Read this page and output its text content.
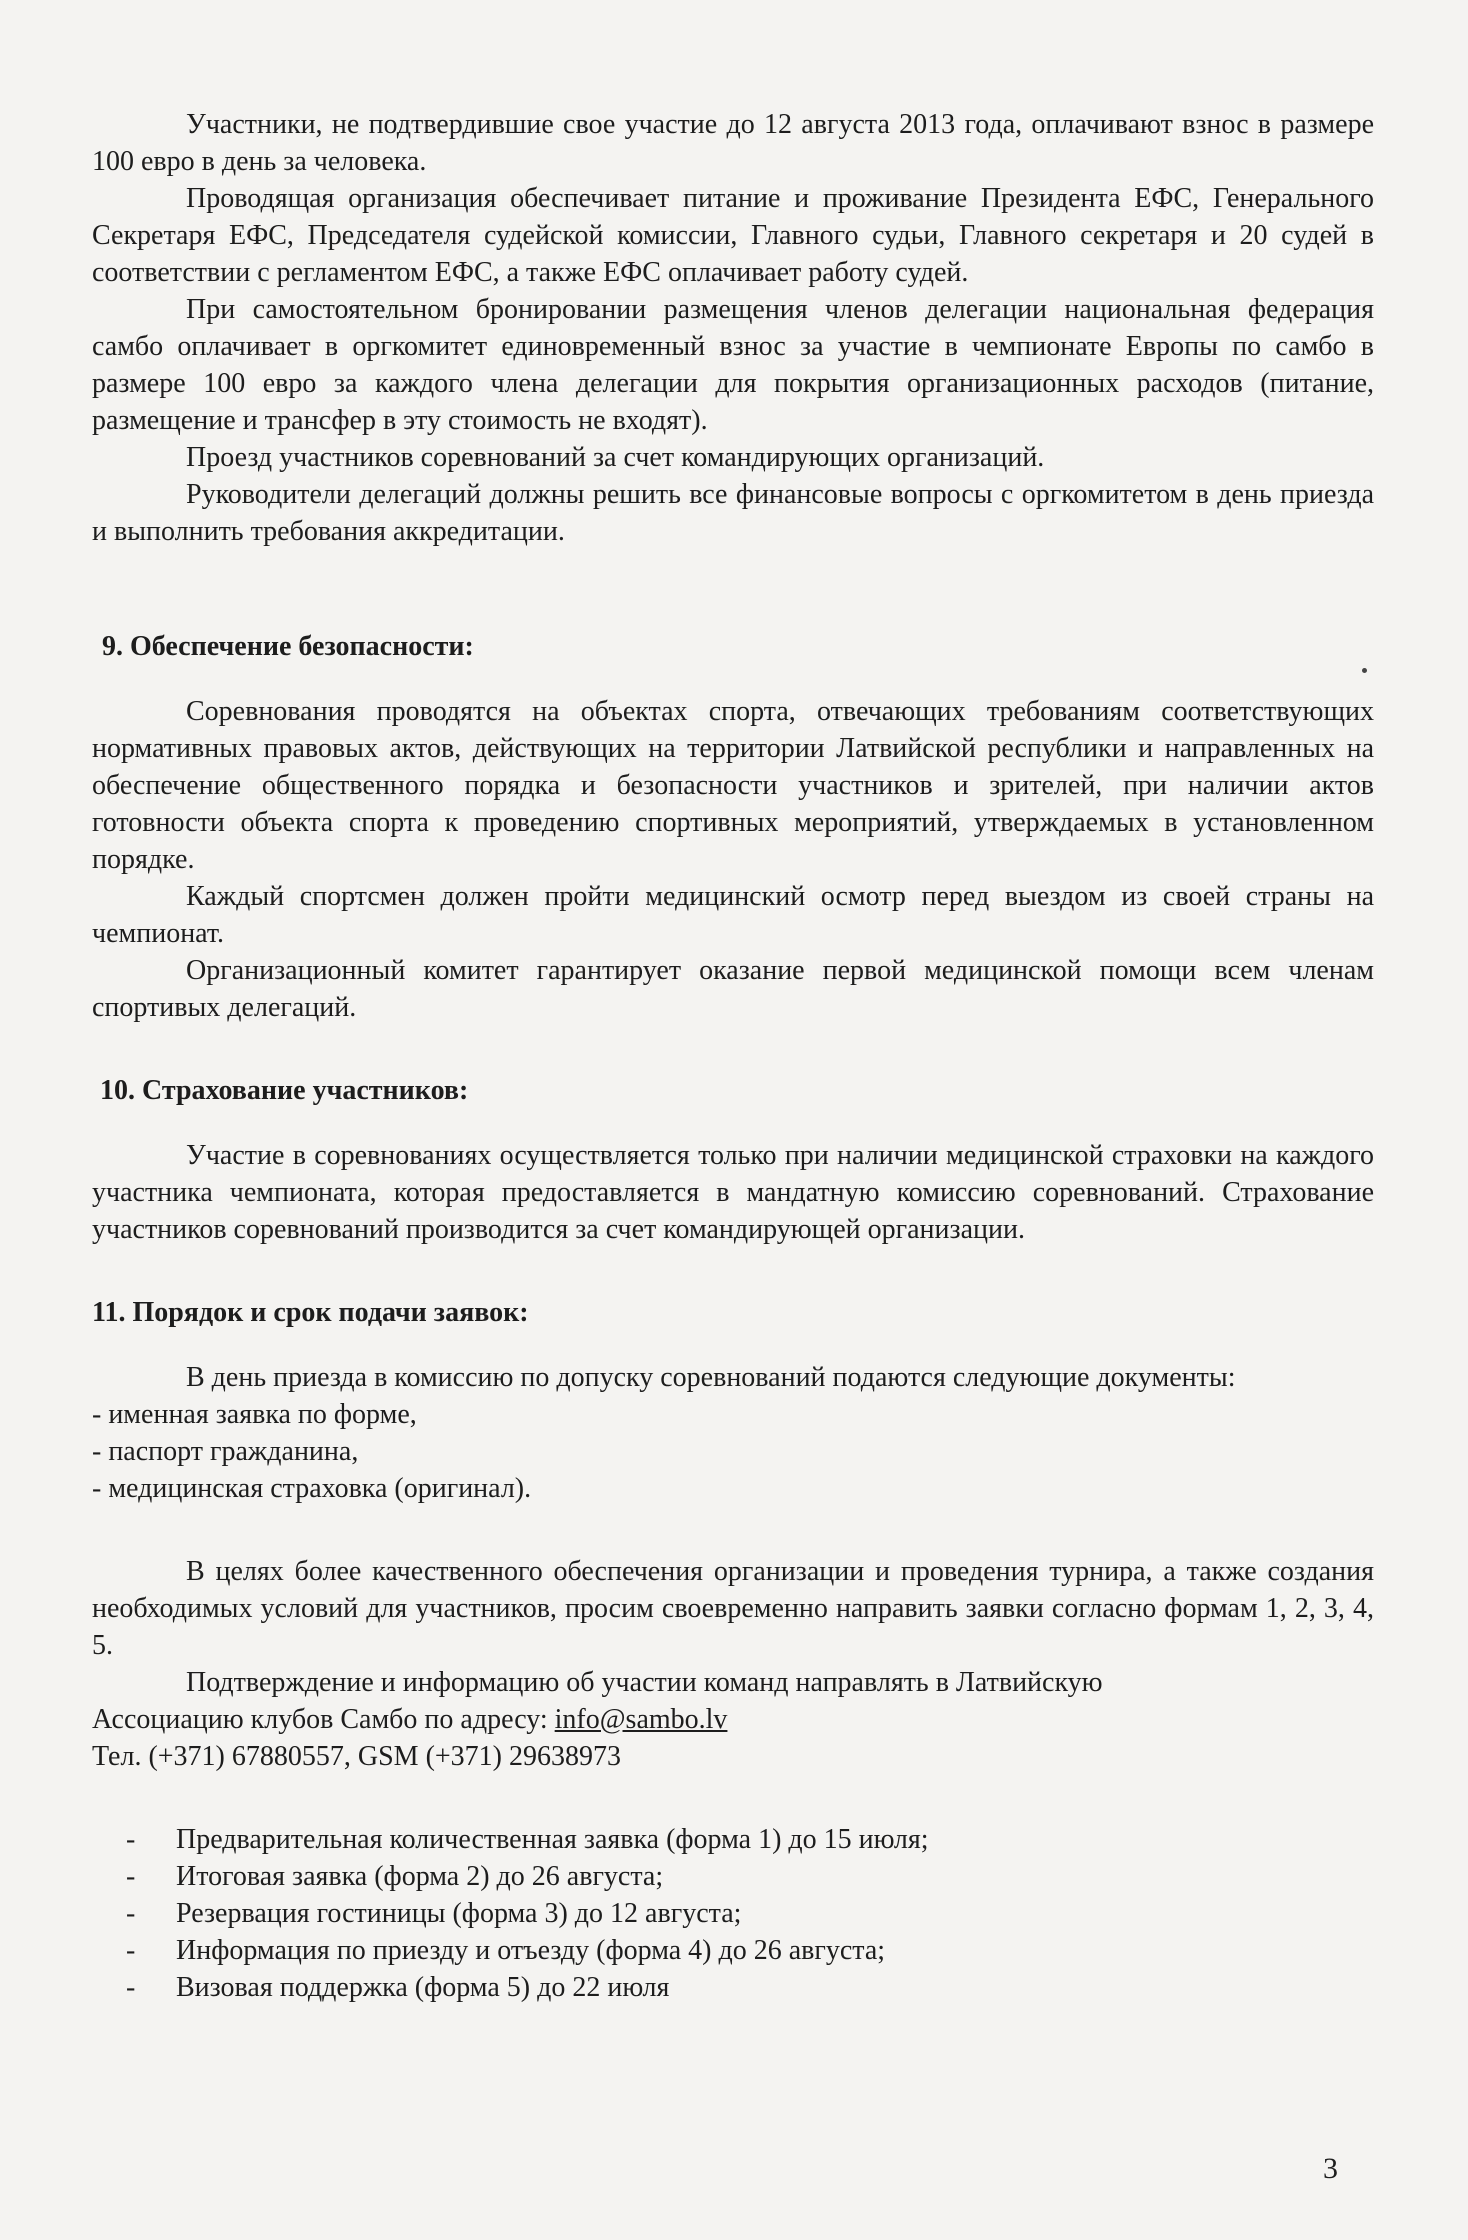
Участники, не подтвердившие свое участие до 12 августа 2013 года, оплачивают взнос в размере 100 евро в день за человека.

Проводящая организация обеспечивает питание и проживание Президента ЕФС, Генерального Секретаря ЕФС, Председателя судейской комиссии, Главного судьи, Главного секретаря и 20 судей в соответствии с регламентом ЕФС, а также ЕФС оплачивает работу судей.

При самостоятельном бронировании размещения членов делегации национальная федерация самбо оплачивает в оргкомитет единовременный взнос за участие в чемпионате Европы по самбо в размере 100 евро за каждого члена делегации для покрытия организационных расходов (питание, размещение и трансфер в эту стоимость не входят).

Проезд участников соревнований за счет командирующих организаций.

Руководители делегаций должны решить все финансовые вопросы с оргкомитетом в день приезда и выполнить требования аккредитации.

9. Обеспечение безопасности:

Соревнования проводятся на объектах спорта, отвечающих требованиям соответствующих нормативных правовых актов, действующих на территории Латвийской республики и направленных на обеспечение общественного порядка и безопасности участников и зрителей, при наличии актов готовности объекта спорта к проведению спортивных мероприятий, утверждаемых в установленном порядке.

Каждый спортсмен должен пройти медицинский осмотр перед выездом из своей страны на чемпионат.

Организационный комитет гарантирует оказание первой медицинской помощи всем членам спортивых делегаций.

10. Страхование участников:

Участие в соревнованиях осуществляется только при наличии медицинской страховки на каждого участника чемпионата, которая предоставляется в мандатную комиссию соревнований. Страхование участников соревнований производится за счет командирующей организации.

11. Порядок и срок подачи заявок:

В день приезда в комиссию по допуску соревнований подаются следующие документы:

- именная заявка по форме,
- паспорт гражданина,
- медицинская страховка (оригинал).

В целях более качественного обеспечения организации и проведения турнира, а также создания необходимых условий для участников, просим своевременно направить заявки согласно формам 1, 2, 3, 4, 5.

Подтверждение и информацию об участии команд направлять в Латвийскую

Ассоциацию клубов Самбо по адресу: info@sambo.lv

Тел. (+371) 67880557, GSM (+371) 29638973

- Предварительная количественная заявка (форма 1) до 15 июля;
- Итоговая заявка (форма 2) до 26 августа;
- Резервация гостиницы (форма 3) до 12 августа;
- Информация по приезду и отъезду (форма 4) до 26 августа;
- Визовая поддержка (форма 5) до 22 июля
3
